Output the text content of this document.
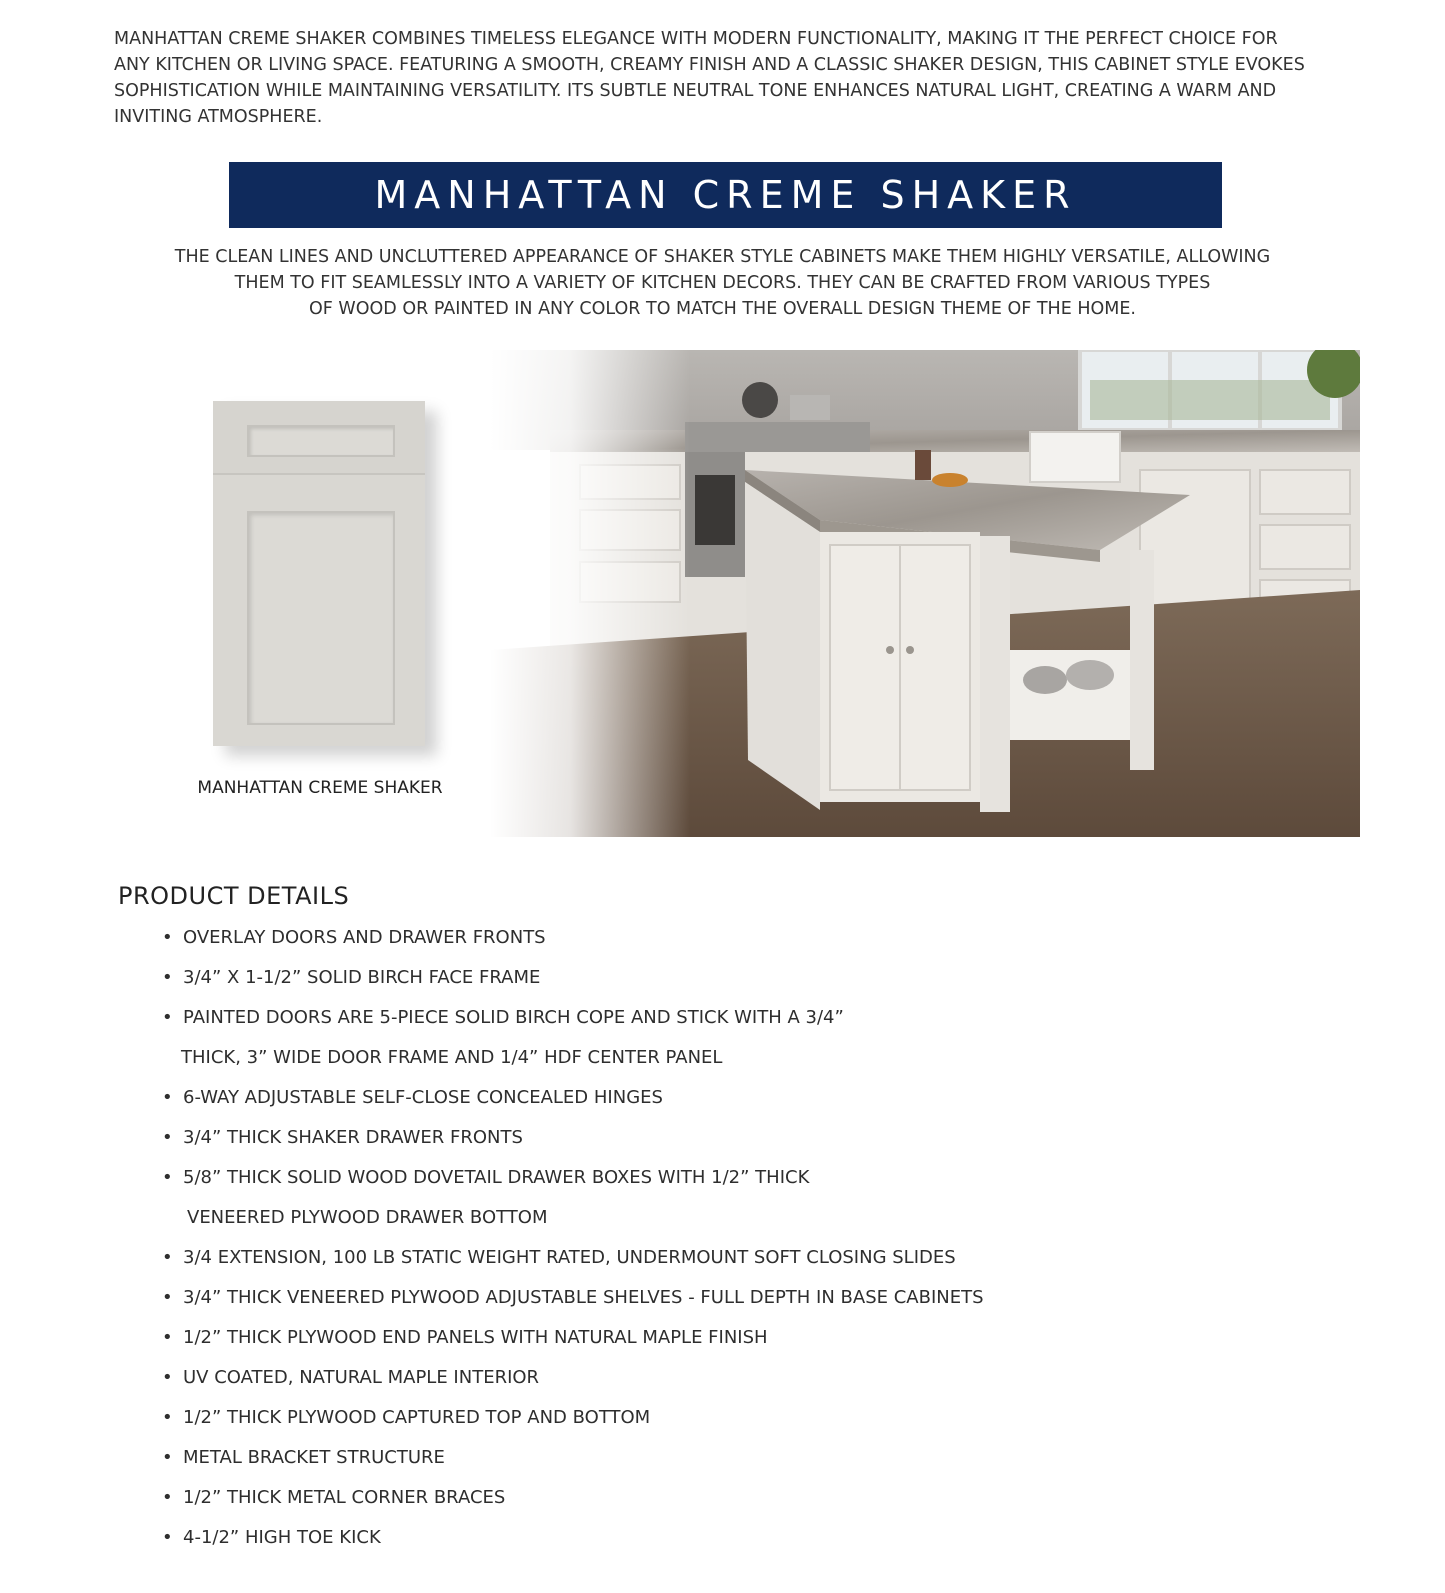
MANHATTAN CREME SHAKER COMBINES TIMELESS ELEGANCE WITH MODERN FUNCTIONALITY, MAKING IT THE PERFECT CHOICE FOR
ANY KITCHEN OR LIVING SPACE. FEATURING A SMOOTH, CREAMY FINISH AND A CLASSIC SHAKER DESIGN, THIS CABINET STYLE EVOKES
SOPHISTICATION WHILE MAINTAINING VERSATILITY. ITS SUBTLE NEUTRAL TONE ENHANCES NATURAL LIGHT, CREATING A WARM AND
INVITING ATMOSPHERE.
MANHATTAN CREME SHAKER
THE CLEAN LINES AND UNCLUTTERED APPEARANCE OF SHAKER STYLE CABINETS MAKE THEM HIGHLY VERSATILE, ALLOWING
THEM TO FIT SEAMLESSLY INTO A VARIETY OF KITCHEN DECORS. THEY CAN BE CRAFTED FROM VARIOUS TYPES
OF WOOD OR PAINTED IN ANY COLOR TO MATCH THE OVERALL DESIGN THEME OF THE HOME.
MANHATTAN CREME SHAKER
PRODUCT DETAILS
• OVERLAY DOORS AND DRAWER FRONTS
• 3/4” X 1-1/2” SOLID BIRCH FACE FRAME
• PAINTED DOORS ARE 5-PIECE SOLID BIRCH COPE AND STICK WITH A 3/4”
THICK, 3” WIDE DOOR FRAME AND 1/4” HDF CENTER PANEL
• 6-WAY ADJUSTABLE SELF-CLOSE CONCEALED HINGES
• 3/4” THICK SHAKER DRAWER FRONTS
• 5/8” THICK SOLID WOOD DOVETAIL DRAWER BOXES WITH 1/2” THICK
VENEERED PLYWOOD DRAWER BOTTOM
• 3/4 EXTENSION, 100 LB STATIC WEIGHT RATED, UNDERMOUNT SOFT CLOSING SLIDES
• 3/4” THICK VENEERED PLYWOOD ADJUSTABLE SHELVES - FULL DEPTH IN BASE CABINETS
• 1/2” THICK PLYWOOD END PANELS WITH NATURAL MAPLE FINISH
• UV COATED, NATURAL MAPLE INTERIOR
• 1/2” THICK PLYWOOD CAPTURED TOP AND BOTTOM
• METAL BRACKET STRUCTURE
• 1/2” THICK METAL CORNER BRACES
• 4-1/2” HIGH TOE KICK
